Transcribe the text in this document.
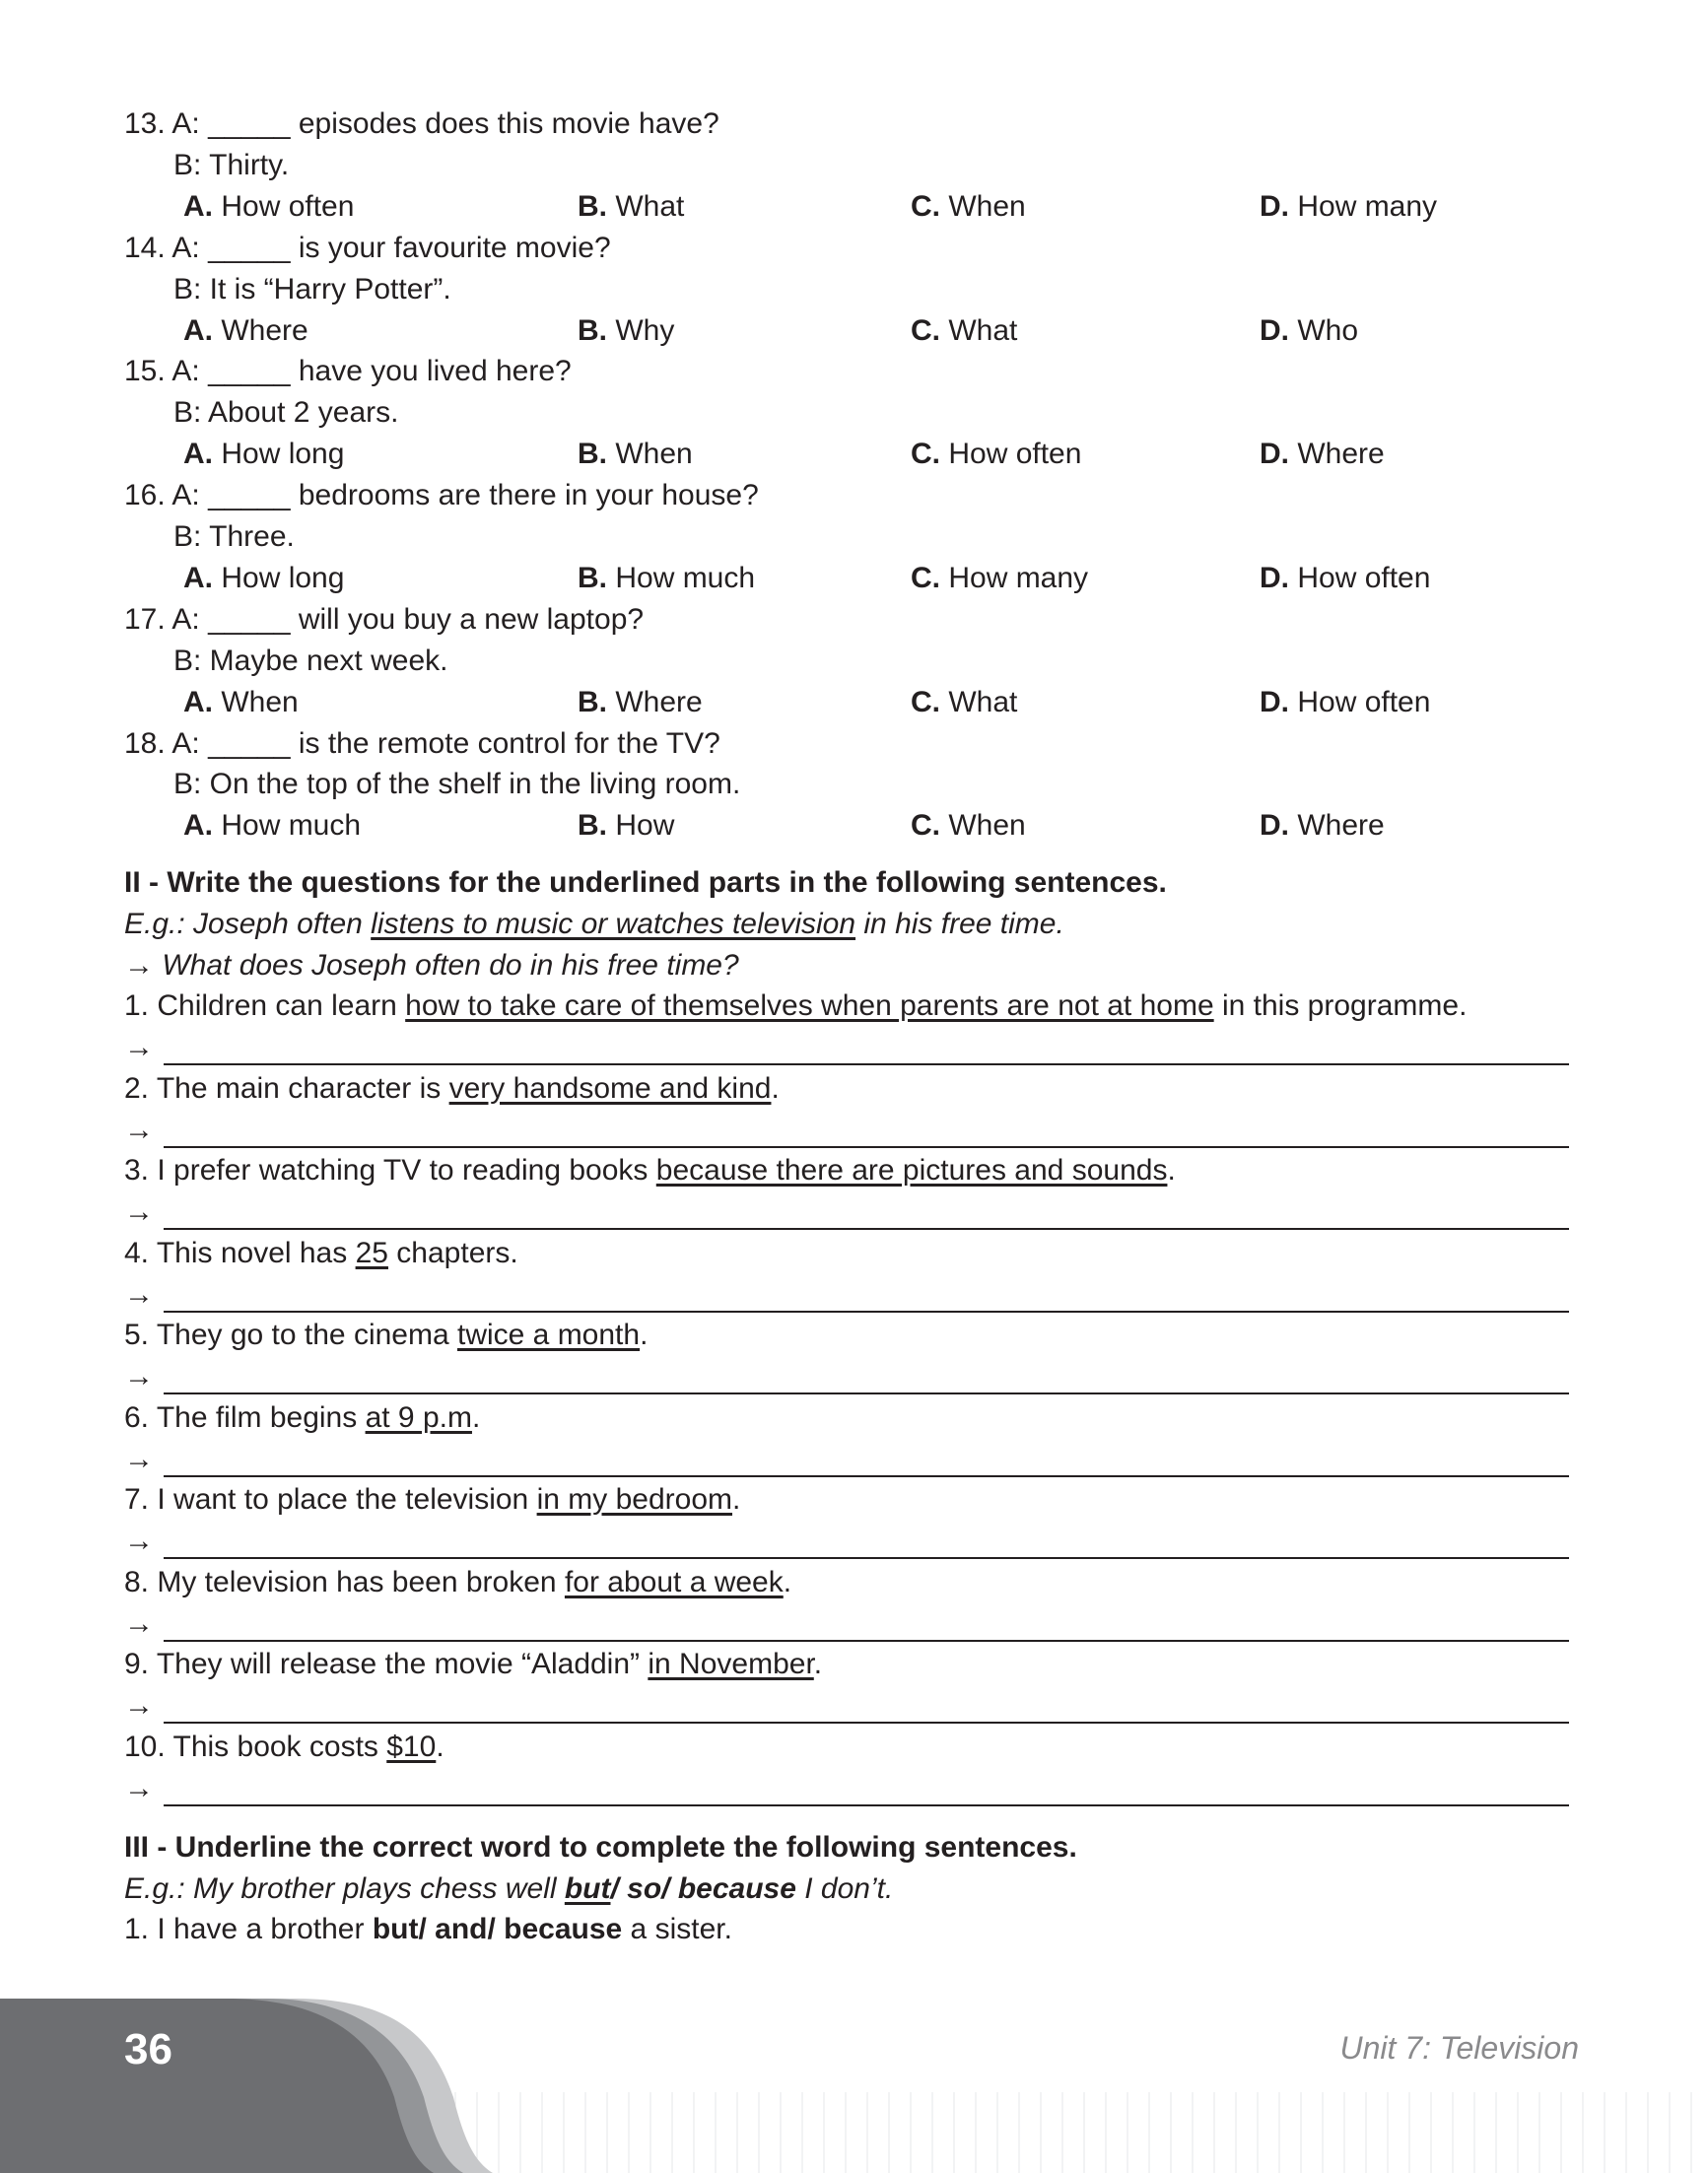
13. A: _____ episodes does this movie have?
B: Thirty.
A. How often	B. What	C. When	D. How many
14. A: _____ is your favourite movie?
B: It is “Harry Potter”.
A. Where	B. Why	C. What	D. Who
15. A: _____ have you lived here?
B: About 2 years.
A. How long	B. When	C. How often	D. Where
16. A: _____ bedrooms are there in your house?
B: Three.
A. How long	B. How much	C. How many	D. How often
17. A: _____ will you buy a new laptop?
B: Maybe next week.
A. When	B. Where	C. What	D. How often
18. A: _____ is the remote control for the TV?
B: On the top of the shelf in the living room.
A. How much	B. How	C. When	D. Where
II - Write the questions for the underlined parts in the following sentences.
E.g.: Joseph often listens to music or watches television in his free time.
→ What does Joseph often do in his free time?
1. Children can learn how to take care of themselves when parents are not at home in this programme.
→
2. The main character is very handsome and kind.
→
3. I prefer watching TV to reading books because there are pictures and sounds.
→
4. This novel has 25 chapters.
→
5. They go to the cinema twice a month.
→
6. The film begins at 9 p.m.
→
7. I want to place the television in my bedroom.
→
8. My television has been broken for about a week.
→
9. They will release the movie “Aladdin” in November.
→
10. This book costs $10.
→
III - Underline the correct word to complete the following sentences.
E.g.: My brother plays chess well but/ so/ because I don’t.
1. I have a brother but/ and/ because a sister.
36	Unit 7: Television
